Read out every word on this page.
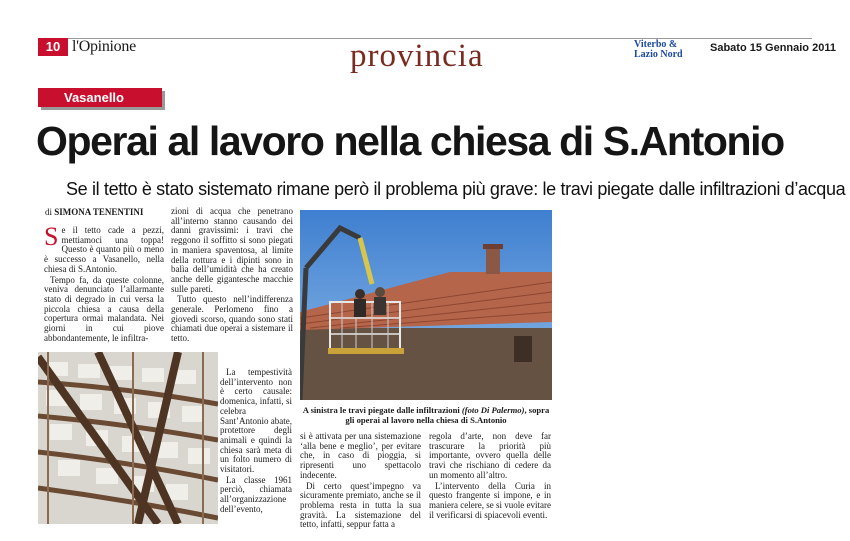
10 l'Opinione	provincia	Viterbo & Lazio Nord
Sabato 15 Gennaio 2011
Vasanello
Operai al lavoro nella chiesa di S.Antonio
Se il tetto è stato sistemato rimane però il problema più grave: le travi piegate dalle infiltrazioni d’acqua
di SIMONA TENENTINI

Se il tetto cade a pezzi, mettiamoci una toppa! Questo è quanto più o meno è successo a Vasanello, nella chiesa di S.Antonio.

Tempo fa, da queste colonne, veniva denunciato l’allarmante stato di degrado in cui versa la piccola chiesa a causa della copertura ormai malandata. Nei giorni in cui piove abbondantemente, le infiltra-

zioni di acqua che penetrano all’interno stanno causando dei danni gravissimi: i travi che reggono il soffitto si sono piegati in maniera spaventosa, al limite della rottura e i dipinti sono in balìa dell’umidità che ha creato anche delle gigantesche macchie sulle pareti.

Tutto questo nell’indifferenza generale. Perlomeno fino a giovedì scorso, quando sono stati chiamati due operai a sistemare il tetto.

La tempestività dell’intervento non è certo causale: domenica, infatti, si celebra Sant’Antonio abate, protettore degli animali e quindi la chiesa sarà meta di un folto numero di visitatori.

La classe 1961 perciò, chiamata all’organizzazione dell’evento,

A sinistra le travi piegate dalle infiltrazioni (foto Di Palermo), sopra gli operai al lavoro nella chiesa di S.Antonio

si è attivata per una sistemazione ‘alla bene e meglio’, per evitare che, in caso di pioggia, si ripresenti uno spettacolo indecente.

Di certo quest’impegno va sicuramente premiato, anche se il problema resta in tutta la sua gravità. La sistemazione del tetto, infatti, seppur fatta a

regola d’arte, non deve far trascurare la priorità più importante, ovvero quella delle travi che rischiano di cedere da un momento all’altro.

L’intervento della Curia in questo frangente si impone, e in maniera celere, se si vuole evitare il verificarsi di spiacevoli eventi.
